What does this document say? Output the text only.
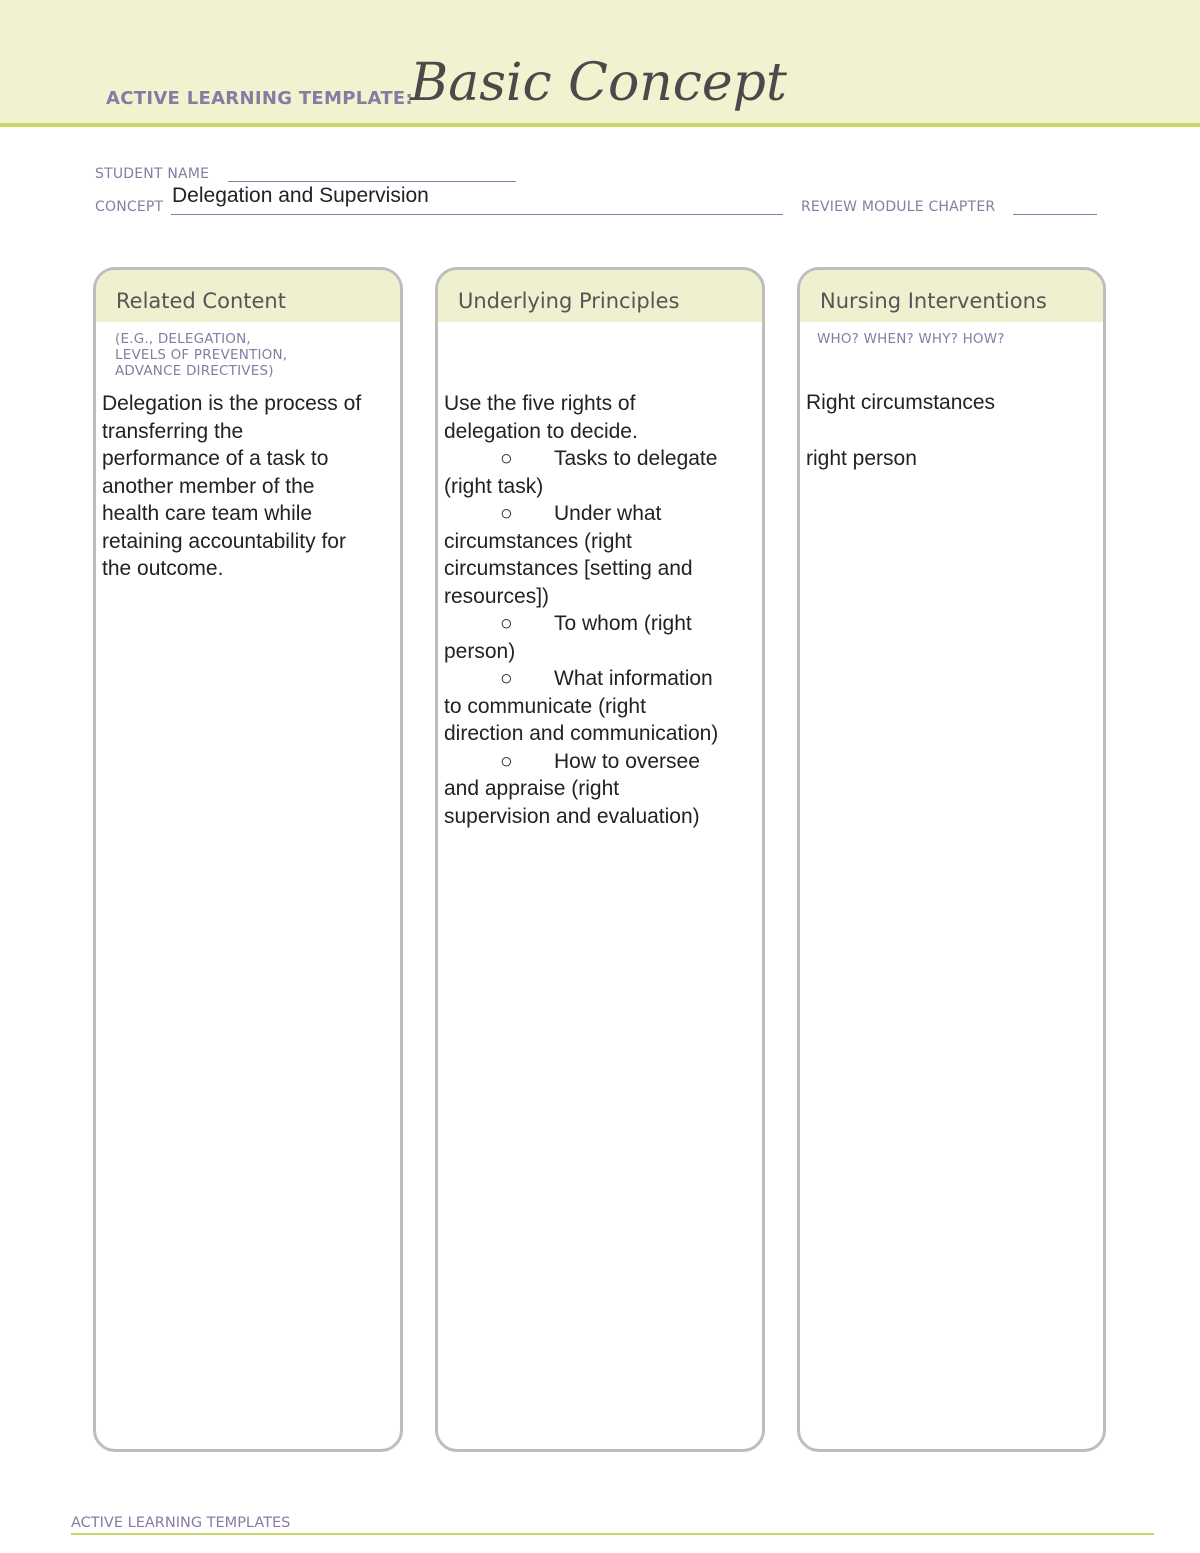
ACTIVE LEARNING TEMPLATE:
Basic Concept
STUDENT NAME
CONCEPT Delegation and Supervision	REVIEW MODULE CHAPTER
Related Content
(E.G., DELEGATION,
LEVELS OF PREVENTION,
ADVANCE DIRECTIVES)
Delegation is the process of
transferring the
performance of a task to
another member of the
health care team while
retaining accountability for
the outcome.
Underlying Principles
Use the five rights of
delegation to decide.
○ Tasks to delegate
(right task)
○ Under what
circumstances (right
circumstances [setting and
resources])
○ To whom (right
person)
○ What information
to communicate (right
direction and communication)
○ How to oversee
and appraise (right
supervision and evaluation)
Nursing Interventions
WHO? WHEN? WHY? HOW?
Right circumstances
right person
ACTIVE LEARNING TEMPLATES
